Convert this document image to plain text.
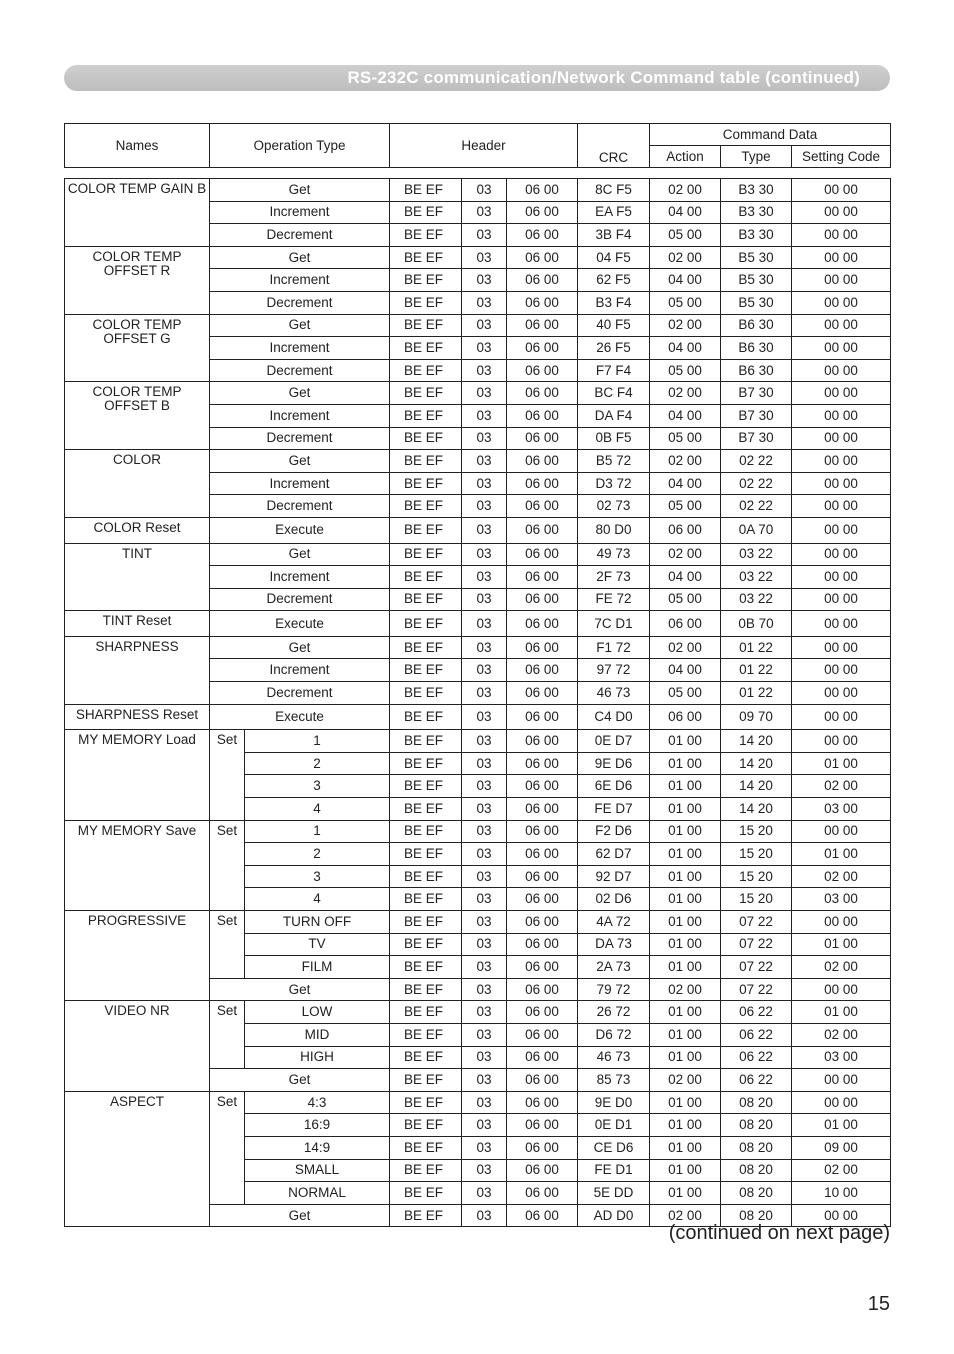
RS-232C communication/Network Command table (continued)
Names	Operation Type		Header			CRC	Command Data		
							Action	Type	Setting Code

COLOR TEMP GAIN B	Get		BE EF	03	06 00	8C F5	02 00	B3 30	00 00
	Increment		BE EF	03	06 00	EA F5	04 00	B3 30	00 00
	Decrement		BE EF	03	06 00	3B F4	05 00	B3 30	00 00
COLOR TEMP OFFSET R	Get		BE EF	03	06 00	04 F5	02 00	B5 30	00 00
	Increment		BE EF	03	06 00	62 F5	04 00	B5 30	00 00
	Decrement		BE EF	03	06 00	B3 F4	05 00	B5 30	00 00
COLOR TEMP OFFSET G	Get		BE EF	03	06 00	40 F5	02 00	B6 30	00 00
	Increment		BE EF	03	06 00	26 F5	04 00	B6 30	00 00
	Decrement		BE EF	03	06 00	F7 F4	05 00	B6 30	00 00
COLOR TEMP OFFSET B	Get		BE EF	03	06 00	BC F4	02 00	B7 30	00 00
	Increment		BE EF	03	06 00	DA F4	04 00	B7 30	00 00
	Decrement		BE EF	03	06 00	0B F5	05 00	B7 30	00 00
COLOR	Get		BE EF	03	06 00	B5 72	02 00	02 22	00 00
	Increment		BE EF	03	06 00	D3 72	04 00	02 22	00 00
	Decrement		BE EF	03	06 00	02 73	05 00	02 22	00 00
COLOR Reset	Execute		BE EF	03	06 00	80 D0	06 00	0A 70	00 00
TINT	Get		BE EF	03	06 00	49 73	02 00	03 22	00 00
	Increment		BE EF	03	06 00	2F 73	04 00	03 22	00 00
	Decrement		BE EF	03	06 00	FE 72	05 00	03 22	00 00
TINT Reset	Execute		BE EF	03	06 00	7C D1	06 00	0B 70	00 00
SHARPNESS	Get		BE EF	03	06 00	F1 72	02 00	01 22	00 00
	Increment		BE EF	03	06 00	97 72	04 00	01 22	00 00
	Decrement		BE EF	03	06 00	46 73	05 00	01 22	00 00
SHARPNESS Reset	Execute		BE EF	03	06 00	C4 D0	06 00	09 70	00 00
MY MEMORY Load	Set	1	BE EF	03	06 00	0E D7	01 00	14 20	00 00
		2	BE EF	03	06 00	9E D6	01 00	14 20	01 00
		3	BE EF	03	06 00	6E D6	01 00	14 20	02 00
		4	BE EF	03	06 00	FE D7	01 00	14 20	03 00
MY MEMORY Save	Set	1	BE EF	03	06 00	F2 D6	01 00	15 20	00 00
		2	BE EF	03	06 00	62 D7	01 00	15 20	01 00
		3	BE EF	03	06 00	92 D7	01 00	15 20	02 00
		4	BE EF	03	06 00	02 D6	01 00	15 20	03 00
PROGRESSIVE	Set	TURN OFF	BE EF	03	06 00	4A 72	01 00	07 22	00 00
		TV	BE EF	03	06 00	DA 73	01 00	07 22	01 00
		FILM	BE EF	03	06 00	2A 73	01 00	07 22	02 00
	Get		BE EF	03	06 00	79 72	02 00	07 22	00 00
VIDEO NR	Set	LOW	BE EF	03	06 00	26 72	01 00	06 22	01 00
		MID	BE EF	03	06 00	D6 72	01 00	06 22	02 00
		HIGH	BE EF	03	06 00	46 73	01 00	06 22	03 00
	Get		BE EF	03	06 00	85 73	02 00	06 22	00 00
ASPECT	Set	4:3	BE EF	03	06 00	9E D0	01 00	08 20	00 00
		16:9	BE EF	03	06 00	0E D1	01 00	08 20	01 00
		14:9	BE EF	03	06 00	CE D6	01 00	08 20	09 00
		SMALL	BE EF	03	06 00	FE D1	01 00	08 20	02 00
		NORMAL	BE EF	03	06 00	5E DD	01 00	08 20	10 00
	Get		BE EF	03	06 00	AD D0	02 00	08 20	00 00
(continued on next page)
15
